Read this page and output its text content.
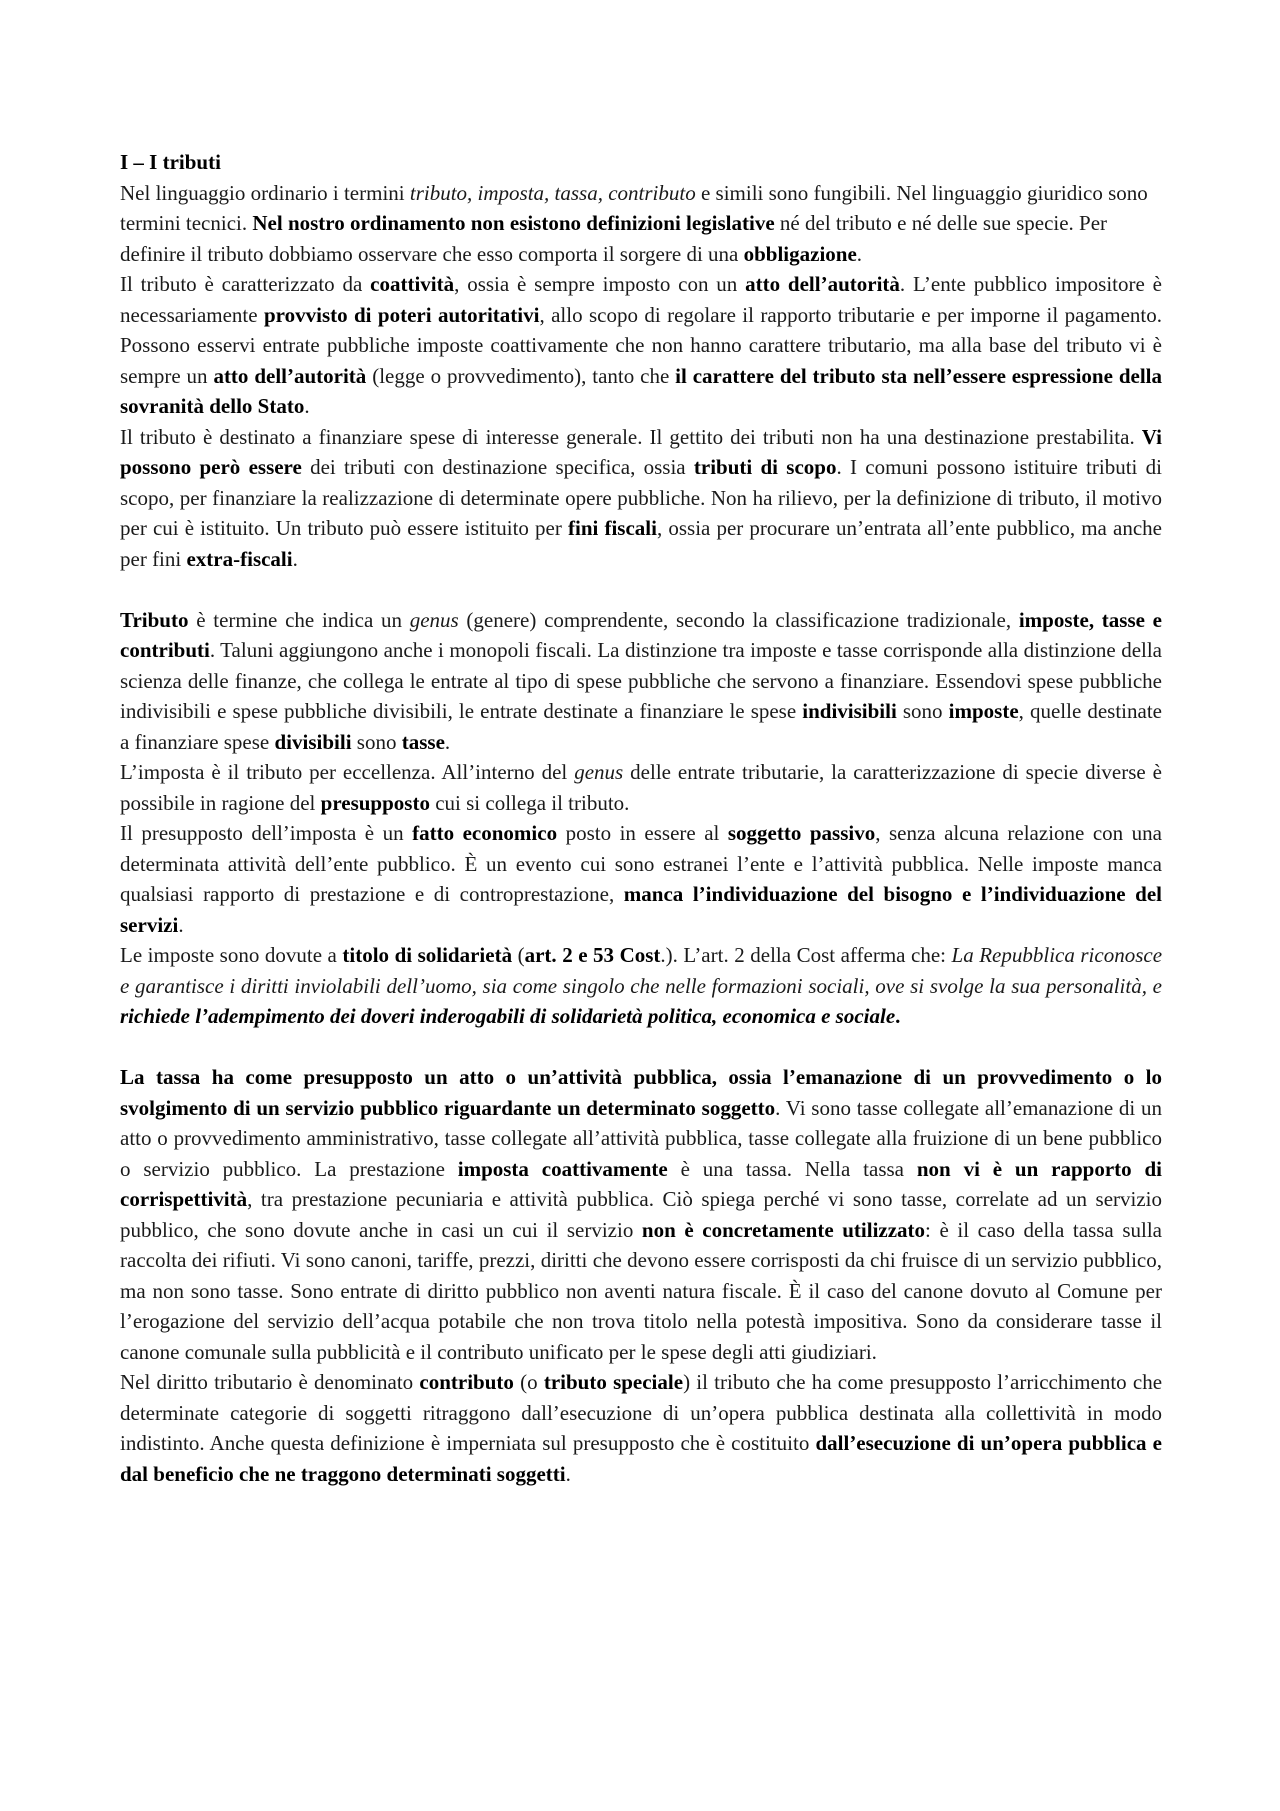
I – I tributi
Nel linguaggio ordinario i termini tributo, imposta, tassa, contributo e simili sono fungibili. Nel linguaggio giuridico sono termini tecnici. Nel nostro ordinamento non esistono definizioni legislative né del tributo e né delle sue specie. Per definire il tributo dobbiamo osservare che esso comporta il sorgere di una obbligazione.
Il tributo è caratterizzato da coattività, ossia è sempre imposto con un atto dell’autorità. L’ente pubblico impositore è necessariamente provvisto di poteri autoritativi, allo scopo di regolare il rapporto tributarie e per imporne il pagamento. Possono esservi entrate pubbliche imposte coattivamente che non hanno carattere tributario, ma alla base del tributo vi è sempre un atto dell’autorità (legge o provvedimento), tanto che il carattere del tributo sta nell’essere espressione della sovranità dello Stato.
Il tributo è destinato a finanziare spese di interesse generale. Il gettito dei tributi non ha una destinazione prestabilita. Vi possono però essere dei tributi con destinazione specifica, ossia tributi di scopo. I comuni possono istituire tributi di scopo, per finanziare la realizzazione di determinate opere pubbliche. Non ha rilievo, per la definizione di tributo, il motivo per cui è istituito. Un tributo può essere istituito per fini fiscali, ossia per procurare un’entrata all’ente pubblico, ma anche per fini extra-fiscali.
Tributo è termine che indica un genus (genere) comprendente, secondo la classificazione tradizionale, imposte, tasse e contributi. Taluni aggiungono anche i monopoli fiscali. La distinzione tra imposte e tasse corrisponde alla distinzione della scienza delle finanze, che collega le entrate al tipo di spese pubbliche che servono a finanziare. Essendovi spese pubbliche indivisibili e spese pubbliche divisibili, le entrate destinate a finanziare le spese indivisibili sono imposte, quelle destinate a finanziare spese divisibili sono tasse.
L’imposta è il tributo per eccellenza. All’interno del genus delle entrate tributarie, la caratterizzazione di specie diverse è possibile in ragione del presupposto cui si collega il tributo.
Il presupposto dell’imposta è un fatto economico posto in essere al soggetto passivo, senza alcuna relazione con una determinata attività dell’ente pubblico. È un evento cui sono estranei l’ente e l’attività pubblica. Nelle imposte manca qualsiasi rapporto di prestazione e di controprestazione, manca l’individuazione del bisogno e l’individuazione del servizi.
Le imposte sono dovute a titolo di solidarietà (art. 2 e 53 Cost.). L’art. 2 della Cost afferma che: La Repubblica riconosce e garantisce i diritti inviolabili dell’uomo, sia come singolo che nelle formazioni sociali, ove si svolge la sua personalità, e richiede l’adempimento dei doveri inderogabili di solidarietà politica, economica e sociale.
La tassa ha come presupposto un atto o un’attività pubblica, ossia l’emanazione di un provvedimento o lo svolgimento di un servizio pubblico riguardante un determinato soggetto. Vi sono tasse collegate all’emanazione di un atto o provvedimento amministrativo, tasse collegate all’attività pubblica, tasse collegate alla fruizione di un bene pubblico o servizio pubblico. La prestazione imposta coattivamente è una tassa. Nella tassa non vi è un rapporto di corrispettività, tra prestazione pecuniaria e attività pubblica. Ciò spiega perché vi sono tasse, correlate ad un servizio pubblico, che sono dovute anche in casi un cui il servizio non è concretamente utilizzato: è il caso della tassa sulla raccolta dei rifiuti. Vi sono canoni, tariffe, prezzi, diritti che devono essere corrisposti da chi fruisce di un servizio pubblico, ma non sono tasse. Sono entrate di diritto pubblico non aventi natura fiscale. È il caso del canone dovuto al Comune per l’erogazione del servizio dell’acqua potabile che non trova titolo nella potestà impositiva. Sono da considerare tasse il canone comunale sulla pubblicità e il contributo unificato per le spese degli atti giudiziari.
Nel diritto tributario è denominato contributo (o tributo speciale) il tributo che ha come presupposto l’arricchimento che determinate categorie di soggetti ritraggono dall’esecuzione di un’opera pubblica destinata alla collettività in modo indistinto. Anche questa definizione è imperniata sul presupposto che è costituito dall’esecuzione di un’opera pubblica e dal beneficio che ne traggono determinati soggetti.
